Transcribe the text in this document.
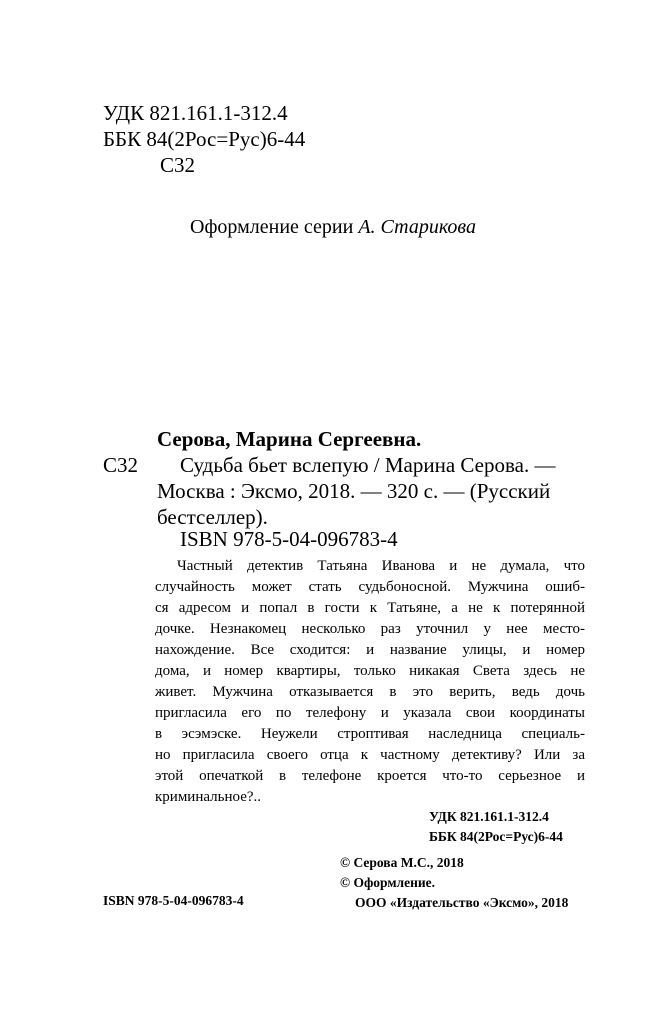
УДК 821.161.1-312.4
ББК 84(2Рос=Рус)6-44
С32
Оформление серии А. Старикова
Серова, Марина Сергеевна.
С32 Судьба бьет вслепую / Марина Серова. —
Москва : Эксмо, 2018. — 320 с. — (Русский
бестселлер).
ISBN 978-5-04-096783-4
Частный детектив Татьяна Иванова и не думала, что
случайность может стать судьбоносной. Мужчина ошиб-
ся адресом и попал в гости к Татьяне, а не к потерянной
дочке. Незнакомец несколько раз уточнил у нее место-
нахождение. Все сходится: и название улицы, и номер
дома, и номер квартиры, только никакая Света здесь не
живет. Мужчина отказывается в это верить, ведь дочь
пригласила его по телефону и указала свои координаты
в эсэмэске. Неужели строптивая наследница специаль-
но пригласила своего отца к частному детективу? Или за
этой опечаткой в телефоне кроется что-то серьезное и
криминальное?..
УДК 821.161.1-312.4
ББК 84(2Рос=Рус)6-44
© Серова М.С., 2018
© Оформление.
ООО «Издательство «Эксмо», 2018
ISBN 978-5-04-096783-4
